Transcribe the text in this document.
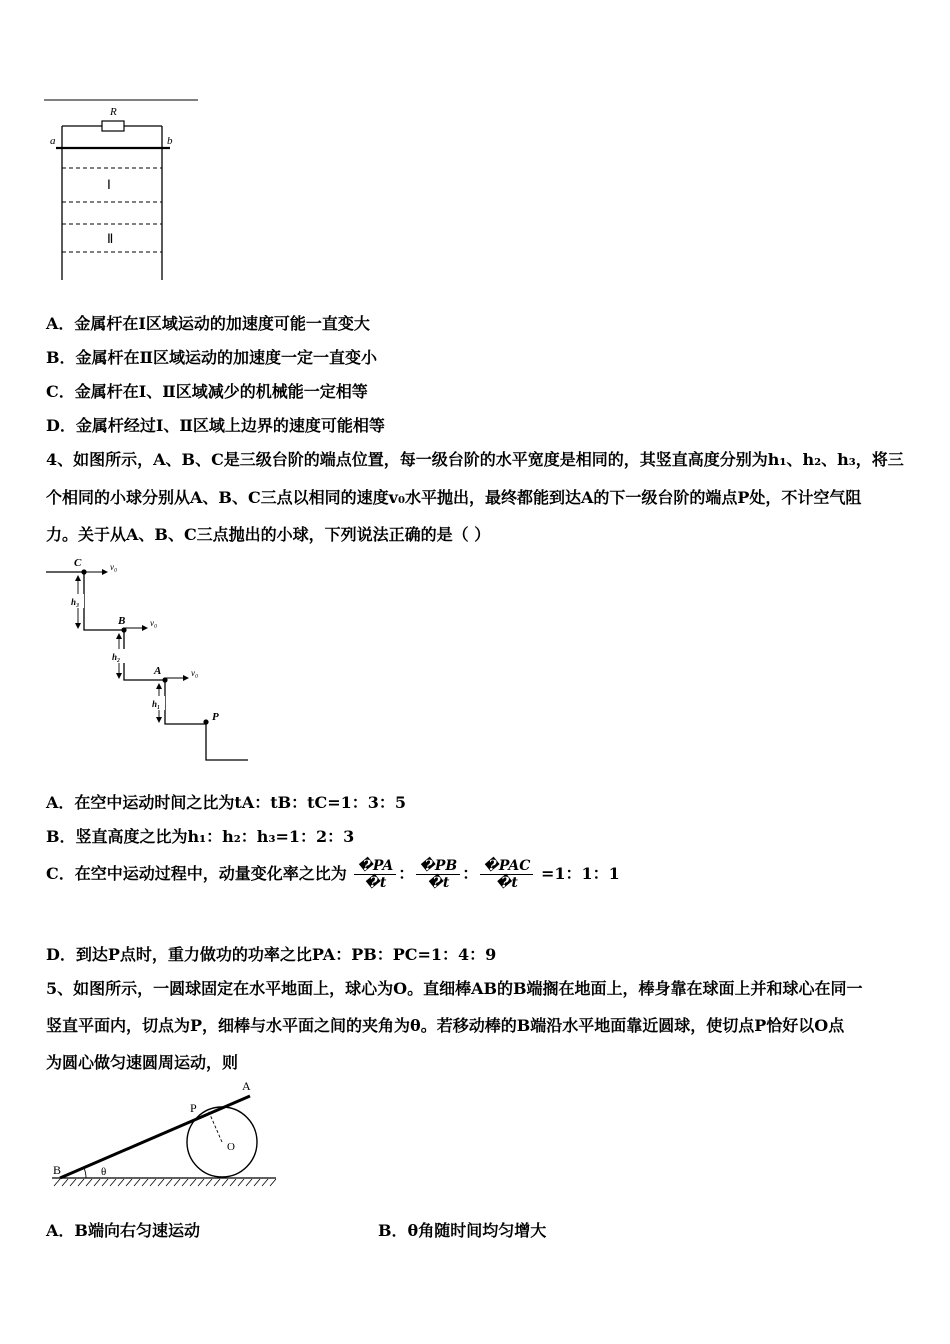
R
a	b
Ⅰ
Ⅱ
A．金属杆在Ⅰ区域运动的加速度可能一直变大
B．金属杆在Ⅱ区域运动的加速度一定一直变小
C．金属杆在Ⅰ、Ⅱ区域减少的机械能一定相等
D．金属杆经过Ⅰ、Ⅱ区域上边界的速度可能相等
4、如图所示，A、B、C是三级台阶的端点位置，每一级台阶的水平宽度是相同的，其竖直高度分别为h₁、h₂、h₃，将三
个相同的小球分别从A、B、C三点以相同的速度v₀水平抛出，最终都能到达A的下一级台阶的端点P处，不计空气阻
力。关于从A、B、C三点抛出的小球，下列说法正确的是（ ）
C
B
A
P
v₀
v₀
v₀
h₃
h₂
h₁
A．在空中运动时间之比为tA：tB：tC=1：3：5
B．竖直高度之比为h₁：h₂：h₃=1：2：3
C．在空中运动过程中，动量变化率之比为 $\frac{�PA}{�t}$ ： $\frac{�PB}{�t}$ ： $\frac{\text{�PAC}}{�t} =1$：1：1
D．到达P点时，重力做功的功率之比PA：PB：PC=1：4：9
5、如图所示，一圆球固定在水平地面上，球心为O。直细棒AB的B端搁在地面上，棒身靠在球面上并和球心在同一
竖直平面内，切点为P，细棒与水平面之间的夹角为θ。若移动棒的B端沿水平地面靠近圆球，使切点P恰好以O点
为圆心做匀速圆周运动，则
A
P
O
B	θ
A．B端向右匀速运动	B．θ角随时间均匀增大
